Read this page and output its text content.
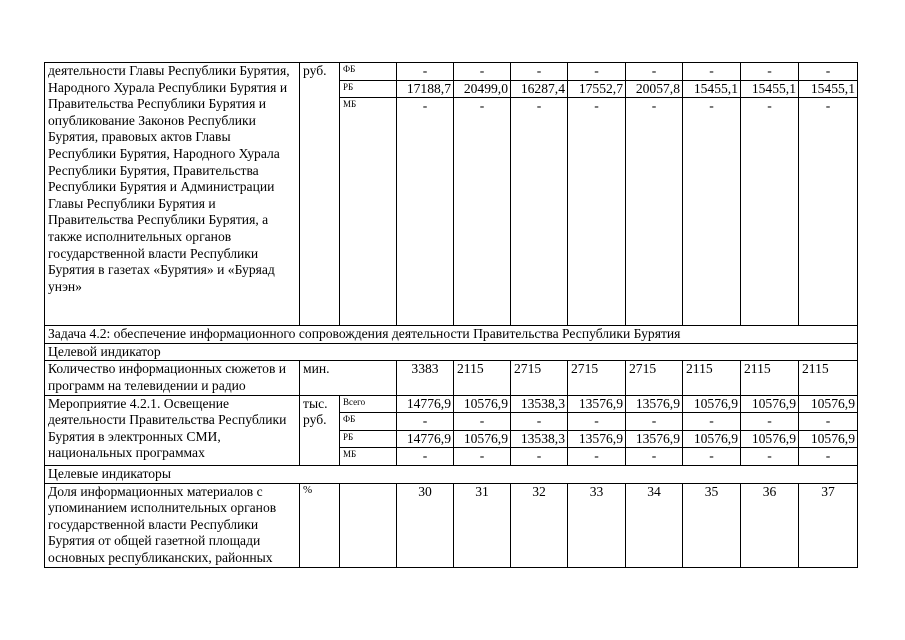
деятельности Главы Республики Бурятия, Народного Хурала Республики Бурятия и Правительства Республики Бурятия и опубликование Законов Республики Бурятия, правовых актов Главы Республики Бурятия, Народного Хурала Республики Бурятия, Правительства Республики Бурятия и Администрации Главы Республики Бурятия и Правительства Республики Бурятия, а также исполнительных органов государственной власти Республики Бурятия в газетах «Бурятия» и «Буряад унэн»	руб.	ФБ	-	-	-	-	-	-	-	-
		РБ	17188,7	20499,0	16287,4	17552,7	20057,8	15455,1	15455,1	15455,1
		МБ	-	-	-	-	-	-	-	-
Задача 4.2: обеспечение информационного сопровождения деятельности Правительства Республики Бурятия										
Целевой индикатор										
Количество информационных сюжетов и программ на телевидении и радио	мин.		3383	2115	2715	2715	2715	2115	2115	2115
Мероприятие 4.2.1. Освещение деятельности Правительства Республики Бурятия в электронных СМИ, национальных программах	тыс. руб.	Всего	14776,9	10576,9	13538,3	13576,9	13576,9	10576,9	10576,9	10576,9
		ФБ	-	-	-	-	-	-	-	-
		РБ	14776,9	10576,9	13538,3	13576,9	13576,9	10576,9	10576,9	10576,9
		МБ	-	-	-	-	-	-	-	-
Целевые индикаторы										
Доля информационных материалов с упоминанием исполнительных органов государственной власти Республики Бурятия от общей газетной площади основных республиканских, районных	%		30	31	32	33	34	35	36	37
